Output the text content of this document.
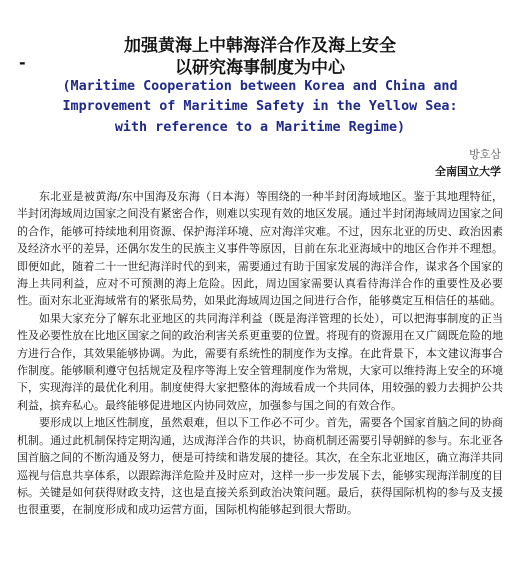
加强黄海上中韩海洋合作及海上安全
-	以研究海事制度为中心
(Maritime Cooperation between Korea and China and
Improvement of Maritime Safety in the Yellow Sea:
with reference to a Maritime Regime)
방호삼
全南国立大学

东北亚是被黄海/东中国海及东海（日本海）等围绕的一种半封闭海域地区。鉴于其地理特征，半封闭海域周边国家之间没有紧密合作，则难以实现有效的地区发展。通过半封闭海域周边国家之间的合作，能够可持续地利用资源、保护海洋环境、应对海洋灾难。不过，因东北亚的历史、政治因素及经济水平的差异，还偶尔发生的民族主义事件等原因，目前在东北亚海域中的地区合作并不理想。即便如此，随着二十一世纪海洋时代的到来，需要通过有助于国家发展的海洋合作，谋求各个国家的海上共同利益，应对不可预测的海上危险。因此，周边国家需要认真看待海洋合作的重要性及必要性。面对东北亚海域常有的紧张局势，如果此海域周边国之间进行合作，能够奠定互相信任的基础。

如果大家充分了解东北亚地区的共同海洋利益（既是海洋管理的长处），可以把海事制度的正当性及必要性放在比地区国家之间的政治利害关系更重要的位置。将现有的资源用在又广阔既危险的地方进行合作，其效果能够协调。为此，需要有系统性的制度作为支撑。在此背景下，本文建议海事合作制度。能够顺利遵守包括规定及程序等海上安全管理制度作为常规，大家可以维持海上安全的环境下，实现海洋的最优化利用。制度使得大家把整体的海域看成一个共同体，用较强的毅力去拥护公共利益，摈弃私心。最终能够促进地区内协同效应，加强参与国之间的有效合作。

要形成以上地区性制度，虽然艰难，但以下工作必不可少。首先，需要各个国家首脑之间的协商机制。通过此机制保持定期沟通，达成海洋合作的共识，协商机制还需要引导朝鲜的参与。东北亚各国首脑之间的不断沟通及努力，便是可持续和谐发展的捷径。其次，在全东北亚地区，确立海洋共同巡视与信息共享体系，以跟踪海洋危险并及时应对，这样一步一步发展下去，能够实现海洋制度的目标。关键是如何获得财政支持，这也是直接关系到政治决策问题。最后，获得国际机构的参与及支援也很重要，在制度形成和成功运营方面，国际机构能够起到很大帮助。
